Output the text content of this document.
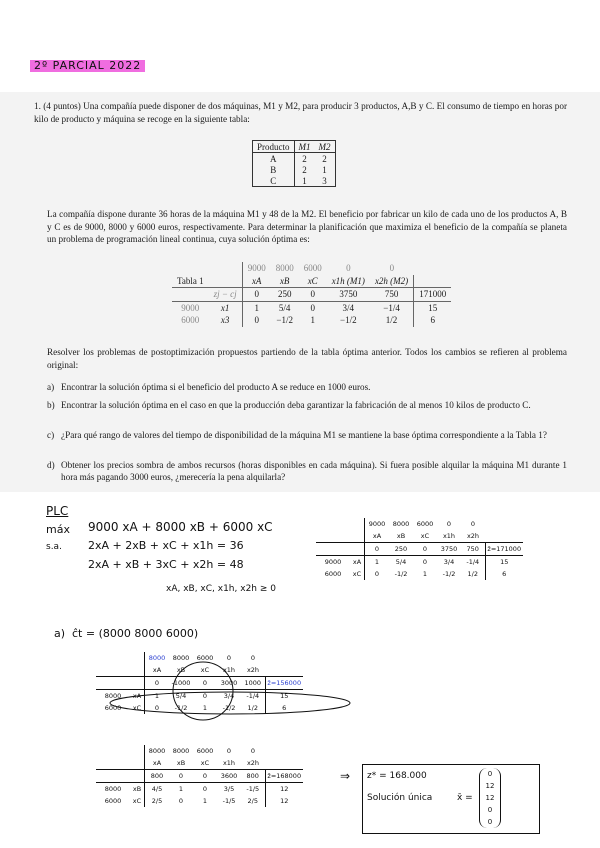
2º PARCIAL 2022

1. (4 puntos) Una compañía puede disponer de dos máquinas, M1 y M2, para producir 3 productos, A,B y C. El consumo de tiempo en horas por kilo de producto y máquina se recoge en la siguiente tabla:

Producto	M1	M2
A	2	2
B	2	1
C	1	3

La compañía dispone durante 36 horas de la máquina M1 y 48 de la M2. El beneficio por fabricar un kilo de cada uno de los productos A, B y C es de 9000, 8000 y 6000 euros, respectivamente. Para determinar la planificación que maximiza el beneficio de la compañía se planeta un problema de programación lineal continua, cuya solución óptima es:

		9000	8000	6000	0	0	
Tabla 1		xA	xB	xC	x1h (M1)	x2h (M2)	
	zj − cj	0	250	0	3750	750	171000
9000	x1	1	5/4	0	3/4	−1/4	15
6000	x3	0	−1/2	1	−1/2	1/2	6

Resolver los problemas de postoptimización propuestos partiendo de la tabla óptima anterior. Todos los cambios se refieren al problema original:

a) Encontrar la solución óptima si el beneficio del producto A se reduce en 1000 euros.
b) Encontrar la solución óptima en el caso en que la producción deba garantizar la fabricación de al menos 10 kilos de producto C.
c) ¿Para qué rango de valores del tiempo de disponibilidad de la máquina M1 se mantiene la base óptima correspondiente a la Tabla 1?
d) Obtener los precios sombra de ambos recursos (horas disponibles en cada máquina). Si fuera posible alquilar la máquina M1 durante 1 hora más pagando 3000 euros, ¿merecería la pena alquilarla?
PLC
máx 9000 xA + 8000 xB + 6000 xC
s.a. 2xA + 2xB + xC + x1h = 36
2xA + xB + 3xC + x2h = 48
xA, xB, xC, x1h, x2h ≥ 0
		9000	8000	6000	0	0	
		xA	xB	xC	x1h	x2h	
		0	250	0	3750	750	z̄=171000
9000	xA	1	5/4	0	3/4	-1/4	15
6000	xC	0	-1/2	1	-1/2	1/2	6
a) ĉt = (8000 8000 6000)
		8000	8000	6000	0	0	
		xA	xB	xC	x1h	x2h	
		0	-1000	0	3000	1000	z̄=156000
8000	xA	1	5/4	0	3/4	-1/4	15
6000	xC	0	-1/2	1	-1/2	1/2	6
		8000	8000	6000	0	0	
		xA	xB	xC	x1h	x2h	
		800	0	0	3600	800	z̄=168000
8000	xB	4/5	1	0	3/5	-1/5	12
6000	xC	2/5	0	1	-1/5	2/5	12
⇒ z* = 168.000
Solución única	x̄ =
0
12
12
0
0
